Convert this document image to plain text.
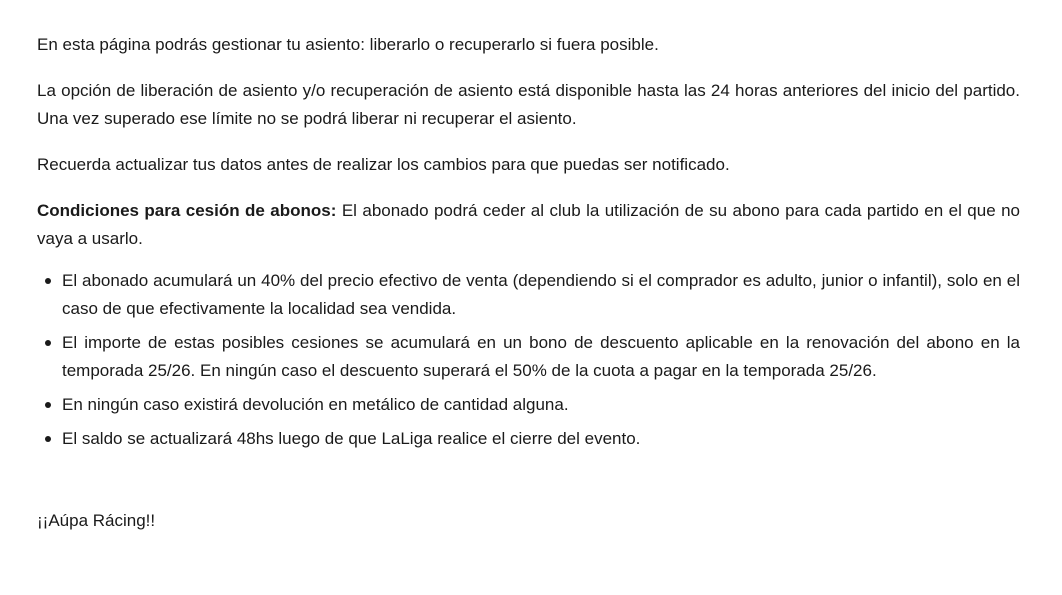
En esta página podrás gestionar tu asiento: liberarlo o recuperarlo si fuera posible.

La opción de liberación de asiento y/o recuperación de asiento está disponible hasta las 24 horas anteriores del inicio del partido. Una vez superado ese límite no se podrá liberar ni recuperar el asiento.

Recuerda actualizar tus datos antes de realizar los cambios para que puedas ser notificado.

Condiciones para cesión de abonos: El abonado podrá ceder al club la utilización de su abono para cada partido en el que no vaya a usarlo.

El abonado acumulará un 40% del precio efectivo de venta (dependiendo si el comprador es adulto, junior o infantil), solo en el caso de que efectivamente la localidad sea vendida.
El importe de estas posibles cesiones se acumulará en un bono de descuento aplicable en la renovación del abono en la temporada 25/26. En ningún caso el descuento superará el 50% de la cuota a pagar en la temporada 25/26.
En ningún caso existirá devolución en metálico de cantidad alguna.
El saldo se actualizará 48hs luego de que LaLiga realice el cierre del evento.

¡¡Aúpa Rácing!!
